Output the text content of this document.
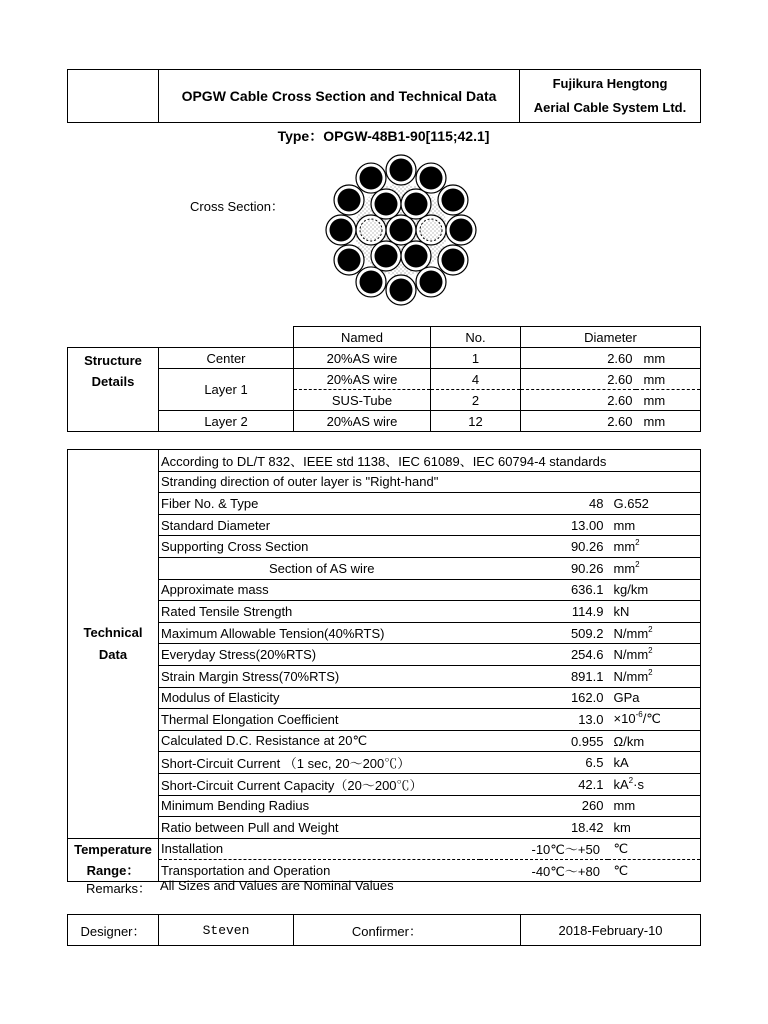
	OPGW Cable Cross Section and Technical Data	
Fujikura Hengtong
Aerial Cable System Ltd.
Type：OPGW-48B1-90[115;42.1]
Cross Section：
		Named	No.	Diameter	

Structure
Details	Center	20%AS wire	1	2.60	mm
	Layer 1	20%AS wire	4	2.60	mm
		SUS-Tube	2	2.60	mm
	Layer 2	20%AS wire	12	2.60	mm
Technical
Data	According to DL/T 832、IEEE std 1138、IEC 61089、IEC 60794-4 standards		
	Stranding direction of outer layer is "Right-hand"		
	Fiber No. & Type	48	G.652
	Standard Diameter	13.00	mm
	Supporting Cross Section	90.26	$mm^2$
	Section of AS wire	90.26	$mm^2$
	Approximate mass	636.1	kg/km
	Rated Tensile Strength	114.9	kN
	Maximum Allowable Tension(40%RTS)	509.2	$N/mm^2$
	Everyday Stress(20%RTS)	254.6	$N/mm^2$
	Strain Margin Stress(70%RTS)	891.1	$N/mm^2$
	Modulus of Elasticity	162.0	GPa
	Thermal Elongation Coefficient	13.0	$\times 10^{-6}/℃$
	Calculated D.C. Resistance at 20℃	0.955	Ω/km
	Short-Circuit Current （1 sec, 20～200℃）	6.5	kA
	Short-Circuit Current Capacity（20～200℃）	42.1	$kA^2\cdot s$
	Minimum Bending Radius	260	mm
	Ratio between Pull and Weight	18.42	km

Temperature
Range：	Installation	-10℃～+50	℃
	Transportation and Operation	-40℃～+80	℃
Remarks： All Sizes and Values are Nominal Values
Designer：	Steven	Confirmer：	2018-February-10
